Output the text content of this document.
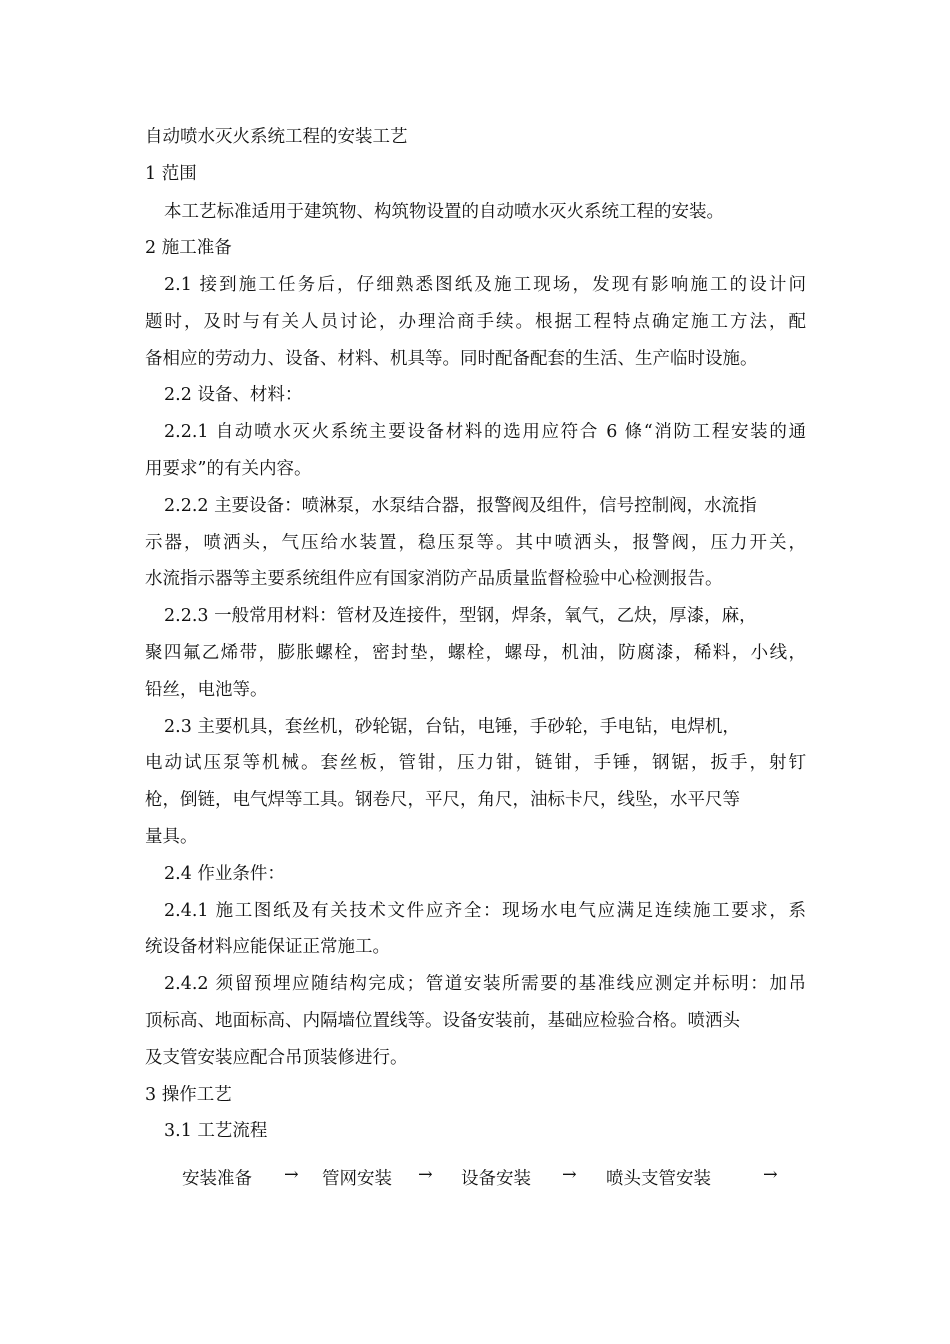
自动喷水灭火系统工程的安装工艺
1 范围
本工艺标准适用于建筑物、构筑物设置的自动喷水灭火系统工程的安装。
2 施工准备
2.1 接到施工任务后，仔细熟悉图纸及施工现场，发现有影响施工的设计问
题时，及时与有关人员讨论，办理洽商手续。根据工程特点确定施工方法，配
备相应的劳动力、设备、材料、机具等。同时配备配套的生活、生产临时设施。
2.2 设备、材料：
2.2.1 自动喷水灭火系统主要设备材料的选用应符合 6 條“消防工程安装的通
用要求”的有关内容。
2.2.2 主要设备：喷淋泵，水泵结合器，报警阀及组件，信号控制阀，水流指
示器，喷洒头，气压给水装置，稳压泵等。其中喷洒头，报警阀，压力开关，
水流指示器等主要系统组件应有国家消防产品质量监督检验中心检测报告。
2.2.3 一般常用材料：管材及连接件，型钢，焊条，氧气，乙炔，厚漆，麻，
聚四氟乙烯带，膨胀螺栓，密封垫，螺栓，螺母，机油，防腐漆，稀料，小线，
铅丝，电池等。
2.3 主要机具，套丝机，砂轮锯，台钻，电锤，手砂轮，手电钻，电焊机，
电动试压泵等机械。套丝板，管钳，压力钳，链钳，手锤，钢锯，扳手，射钉
枪，倒链，电气焊等工具。钢卷尺，平尺，角尺，油标卡尺，线坠，水平尺等
量具。
2.4 作业条件：
2.4.1 施工图纸及有关技术文件应齐全：现场水电气应满足连续施工要求，系
统设备材料应能保证正常施工。
2.4.2 须留预埋应随结构完成；管道安装所需要的基准线应测定并标明：加吊
顶标高、地面标高、内隔墙位置线等。设备安装前，基础应检验合格。喷洒头
及支管安装应配合吊顶装修进行。
3 操作工艺
3.1 工艺流程
安装准备 → 管网安装 → 设备安装 → 喷头支管安装	→
